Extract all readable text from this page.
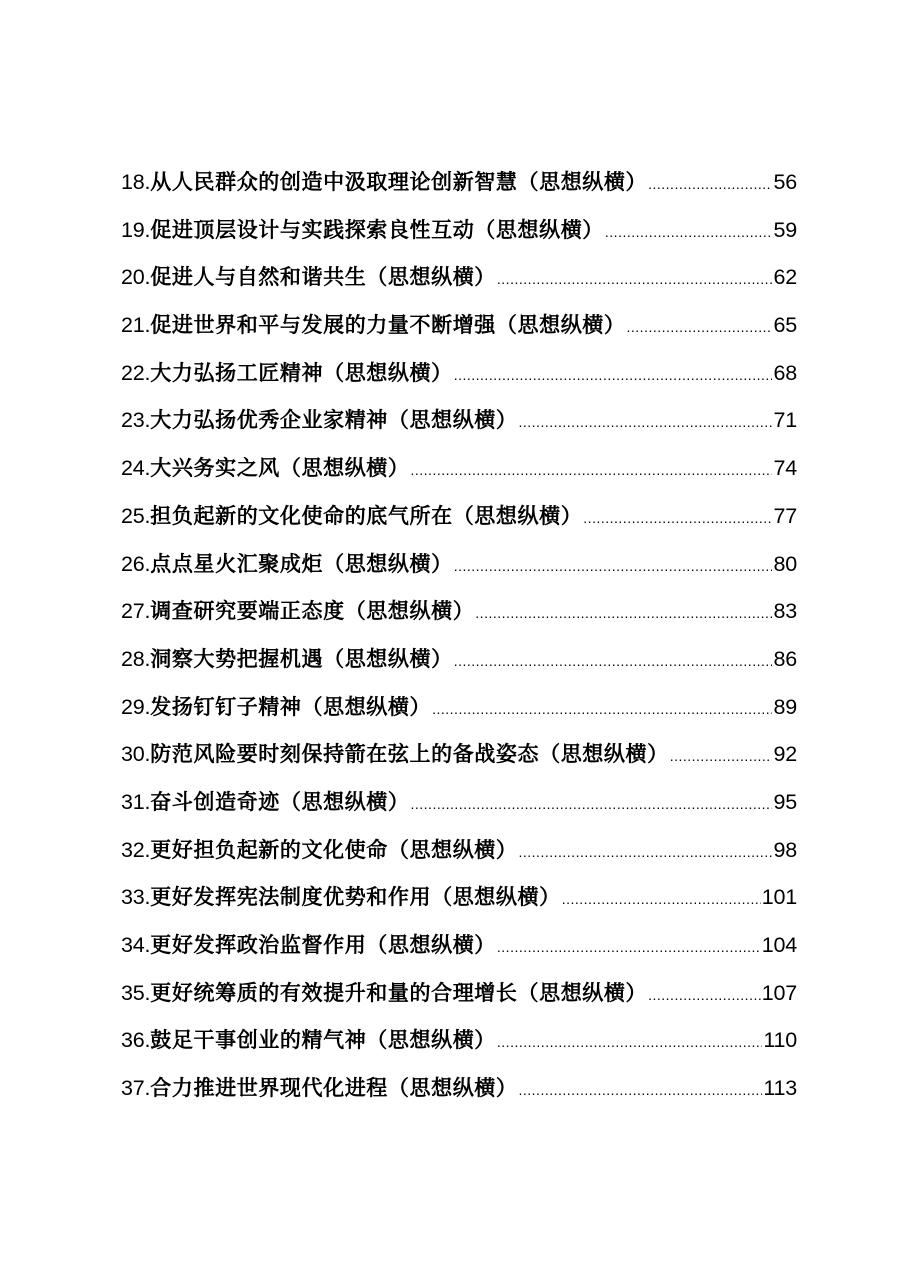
18. 从人民群众的创造中汲取理论创新智慧（思想纵横） .....	56
19. 促进顶层设计与实践探索良性互动（思想纵横） .....	59
20. 促进人与自然和谐共生（思想纵横） .....	62
21. 促进世界和平与发展的力量不断增强（思想纵横） .....	65
22. 大力弘扬工匠精神（思想纵横） .....	68
23. 大力弘扬优秀企业家精神（思想纵横） .....	71
24. 大兴务实之风（思想纵横） .....	74
25. 担负起新的文化使命的底气所在（思想纵横） .....	77
26. 点点星火汇聚成炬（思想纵横） .....	80
27. 调查研究要端正态度（思想纵横） .....	83
28. 洞察大势把握机遇（思想纵横） .....	86
29. 发扬钉钉子精神（思想纵横） .....	89
30. 防范风险要时刻保持箭在弦上的备战姿态（思想纵横） .....	92
31. 奋斗创造奇迹（思想纵横） .....	95
32. 更好担负起新的文化使命（思想纵横） .....	98
33. 更好发挥宪法制度优势和作用（思想纵横） .....	101
34. 更好发挥政治监督作用（思想纵横） .....	104
35. 更好统筹质的有效提升和量的合理增长（思想纵横） .....	107
36. 鼓足干事创业的精气神（思想纵横） .....	110
37. 合力推进世界现代化进程（思想纵横） .....	113
